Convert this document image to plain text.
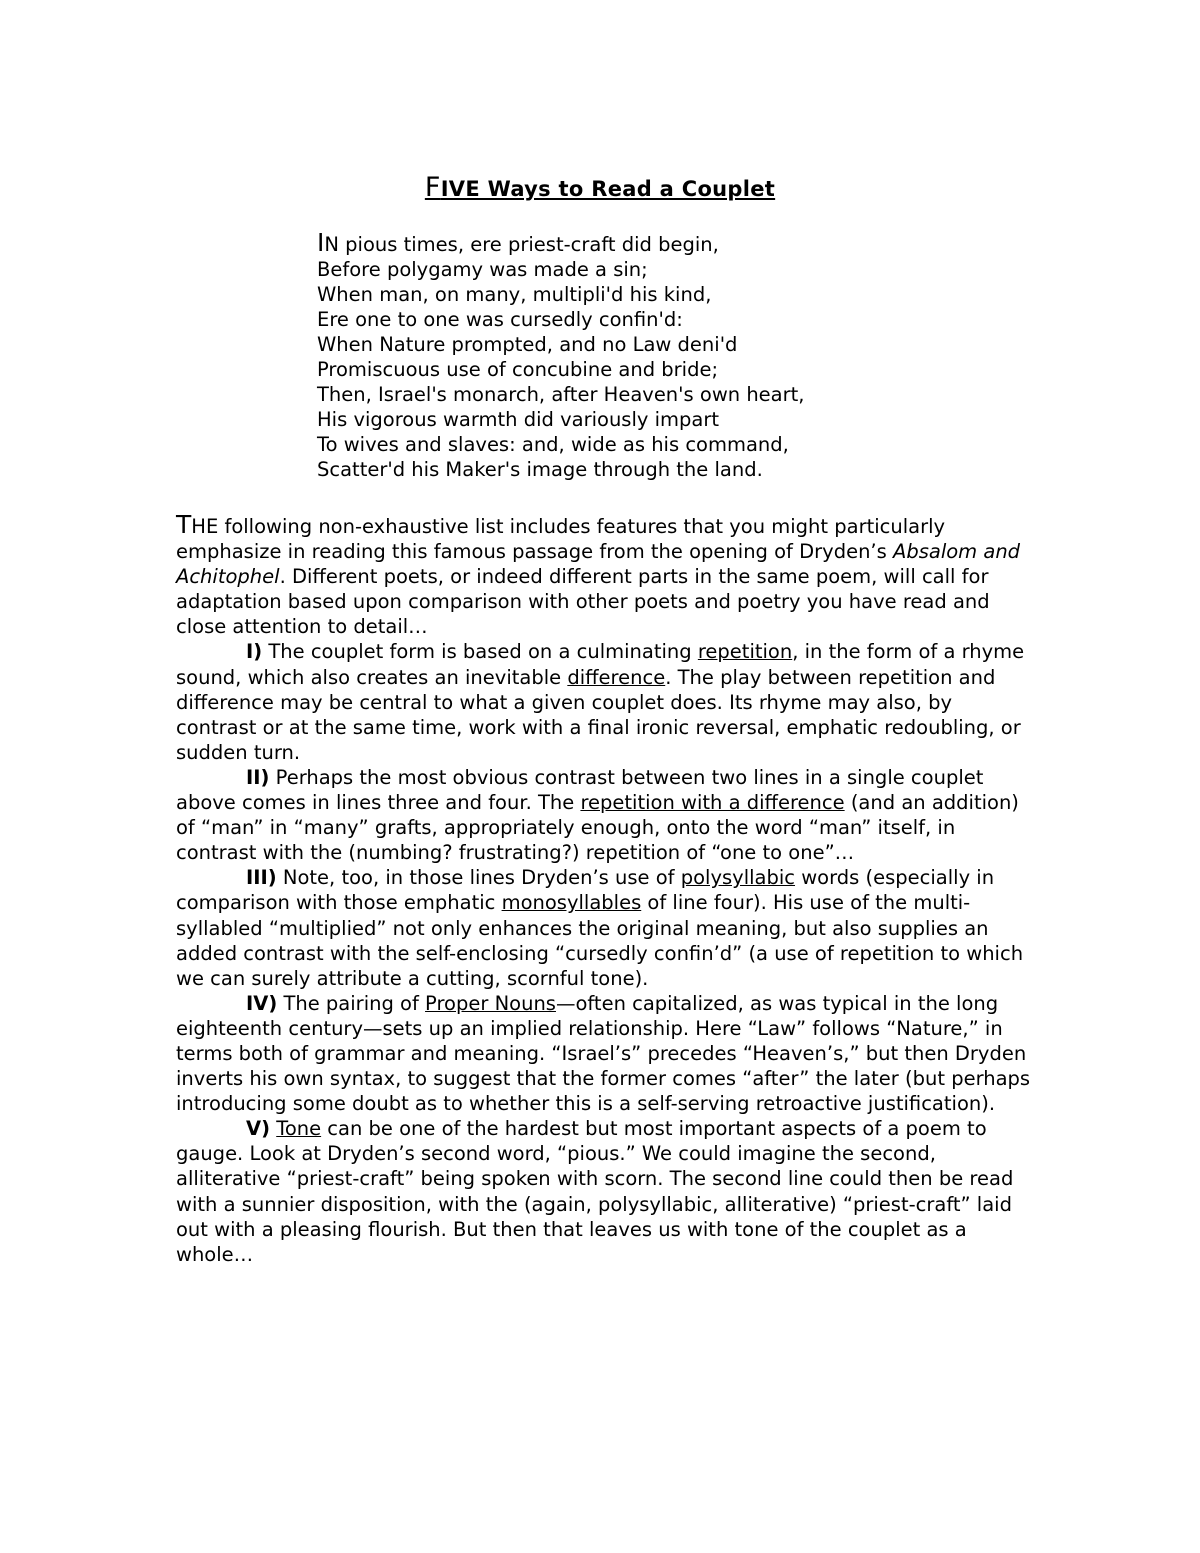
FIVE Ways to Read a Couplet
IN pious times, ere priest-craft did begin,
Before polygamy was made a sin;
When man, on many, multipli'd his kind,
Ere one to one was cursedly confin'd:
When Nature prompted, and no Law deni'd
Promiscuous use of concubine and bride;
Then, Israel's monarch, after Heaven's own heart,
His vigorous warmth did variously impart
To wives and slaves: and, wide as his command,
Scatter'd his Maker's image through the land.

THE following non-exhaustive list includes features that you might particularly emphasize in reading this famous passage from the opening of Dryden’s Absalom and Achitophel. Different poets, or indeed different parts in the same poem, will call for adaptation based upon comparison with other poets and poetry you have read and close attention to detail…

I) The couplet form is based on a culminating repetition, in the form of a rhyme sound, which also creates an inevitable difference. The play between repetition and difference may be central to what a given couplet does. Its rhyme may also, by contrast or at the same time, work with a final ironic reversal, emphatic redoubling, or sudden turn.

II) Perhaps the most obvious contrast between two lines in a single couplet above comes in lines three and four. The repetition with a difference (and an addition) of “man” in “many” grafts, appropriately enough, onto the word “man” itself, in contrast with the (numbing? frustrating?) repetition of “one to one”…

III) Note, too, in those lines Dryden’s use of polysyllabic words (especially in comparison with those emphatic monosyllables of line four). His use of the multi-syllabled “multiplied” not only enhances the original meaning, but also supplies an added contrast with the self-enclosing “cursedly confin’d” (a use of repetition to which we can surely attribute a cutting, scornful tone).

IV) The pairing of Proper Nouns—often capitalized, as was typical in the long eighteenth century—sets up an implied relationship. Here “Law” follows “Nature,” in terms both of grammar and meaning. “Israel’s” precedes “Heaven’s,” but then Dryden inverts his own syntax, to suggest that the former comes “after” the later (but perhaps introducing some doubt as to whether this is a self-serving retroactive justification).

V) Tone can be one of the hardest but most important aspects of a poem to gauge. Look at Dryden’s second word, “pious.” We could imagine the second, alliterative “priest-craft” being spoken with scorn. The second line could then be read with a sunnier disposition, with the (again, polysyllabic, alliterative) “priest-craft” laid out with a pleasing flourish. But then that leaves us with tone of the couplet as a whole…
